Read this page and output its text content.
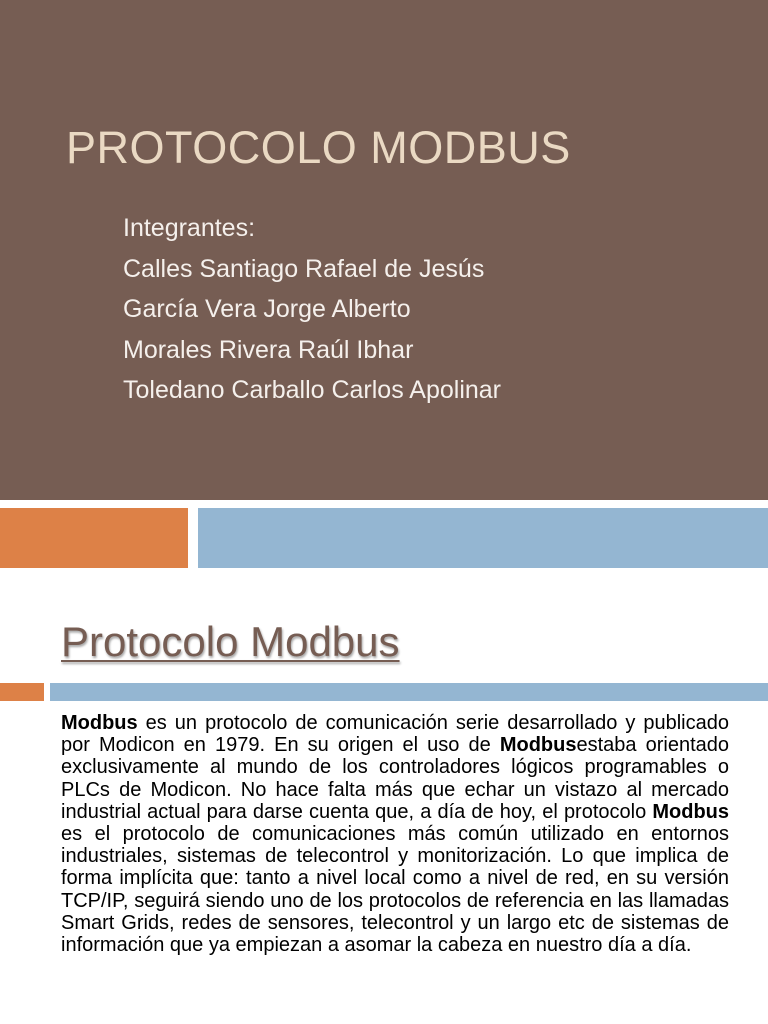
PROTOCOLO MODBUS
Integrantes:
Calles Santiago Rafael de Jesús
García Vera Jorge Alberto
Morales Rivera Raúl Ibhar
Toledano Carballo Carlos Apolinar
Protocolo Modbus

Modbus es un protocolo de comunicación serie desarrollado y publicado por Modicon en 1979. En su origen el uso de Modbusestaba orientado exclusivamente al mundo de los controladores lógicos programables o PLCs de Modicon. No hace falta más que echar un vistazo al mercado industrial actual para darse cuenta que, a día de hoy, el protocolo Modbus es el protocolo de comunicaciones más común utilizado en entornos industriales, sistemas de telecontrol y monitorización. Lo que implica de forma implícita que: tanto a nivel local como a nivel de red, en su versión TCP/IP, seguirá siendo uno de los protocolos de referencia en las llamadas Smart Grids, redes de sensores, telecontrol y un largo etc de sistemas de información que ya empiezan a asomar la cabeza en nuestro día a día.
